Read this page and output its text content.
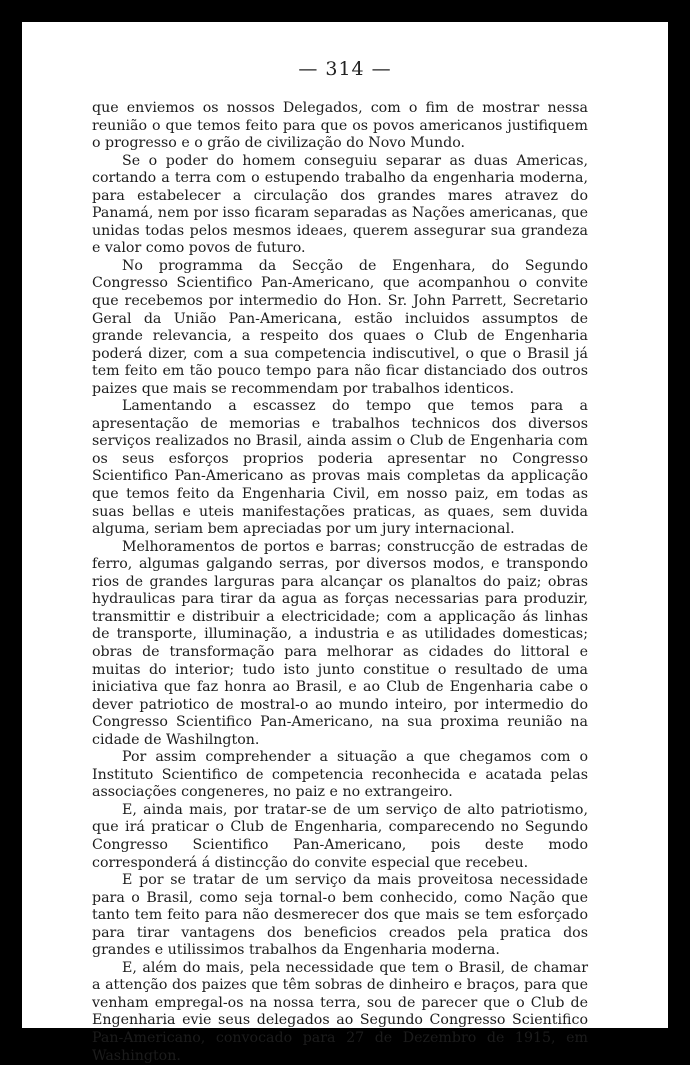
— 314 —

que enviemos os nossos Delegados, com o fim de mostrar nessa reunião o que temos feito para que os povos americanos justifiquem o progresso e o grão de civilização do Novo Mundo.

Se o poder do homem conseguiu separar as duas Americas, cortando a terra com o estupendo trabalho da engenharia moderna, para estabelecer a circulação dos grandes mares atravez do Panamá, nem por isso ficaram separadas as Nações americanas, que unidas todas pelos mesmos ideaes, querem assegurar sua grandeza e valor como povos de futuro.

No programma da Secção de Engenhara, do Segundo Congresso Scientifico Pan-Americano, que acompanhou o convite que recebemos por intermedio do Hon. Sr. John Parrett, Secretario Geral da União Pan-Americana, estão incluidos assumptos de grande relevancia, a respeito dos quaes o Club de Engenharia poderá dizer, com a sua competencia indiscutivel, o que o Brasil já tem feito em tão pouco tempo para não ficar distanciado dos outros paizes que mais se recommendam por trabalhos identicos.

Lamentando a escassez do tempo que temos para a apresentação de memorias e trabalhos technicos dos diversos serviços realizados no Brasil, ainda assim o Club de Engenharia com os seus esforços proprios poderia apresentar no Congresso Scientifico Pan-Americano as provas mais completas da applicação que temos feito da Engenharia Civil, em nosso paiz, em todas as suas bellas e uteis manifestações praticas, as quaes, sem duvida alguma, seriam bem apreciadas por um jury internacional.

Melhoramentos de portos e barras; construcção de estradas de ferro, algumas galgando serras, por diversos modos, e transpondo rios de grandes larguras para alcançar os planaltos do paiz; obras hydraulicas para tirar da agua as forças necessarias para produzir, transmittir e distribuir a electricidade; com a applicação ás linhas de transporte, illuminação, a industria e as utilidades domesticas; obras de transformação para melhorar as cidades do littoral e muitas do interior; tudo isto junto constitue o resultado de uma iniciativa que faz honra ao Brasil, e ao Club de Engenharia cabe o dever patriotico de mostral-o ao mundo inteiro, por intermedio do Congresso Scientifico Pan-Americano, na sua proxima reunião na cidade de Washilngton.

Por assim comprehender a situação a que chegamos com o Instituto Scientifico de competencia reconhecida e acatada pelas associações congeneres, no paiz e no extrangeiro.

E, ainda mais, por tratar-se de um serviço de alto patriotismo, que irá praticar o Club de Engenharia, comparecendo no Segundo Congresso Scientifico Pan-Americano, pois deste modo corresponderá á distincção do convite especial que recebeu.

E por se tratar de um serviço da mais proveitosa necessidade para o Brasil, como seja tornal-o bem conhecido, como Nação que tanto tem feito para não desmerecer dos que mais se tem esforçado para tirar vantagens dos beneficios creados pela pratica dos grandes e utilissimos trabalhos da Engenharia moderna.

E, além do mais, pela necessidade que tem o Brasil, de chamar a attenção dos paizes que têm sobras de dinheiro e braços, para que venham empregal-os na nossa terra, sou de parecer que o Club de Engenharia evie seus delegados ao Segundo Congresso Scientifico Pan-Americano, convocado para 27 de Dezembro de 1915, em Washington.
